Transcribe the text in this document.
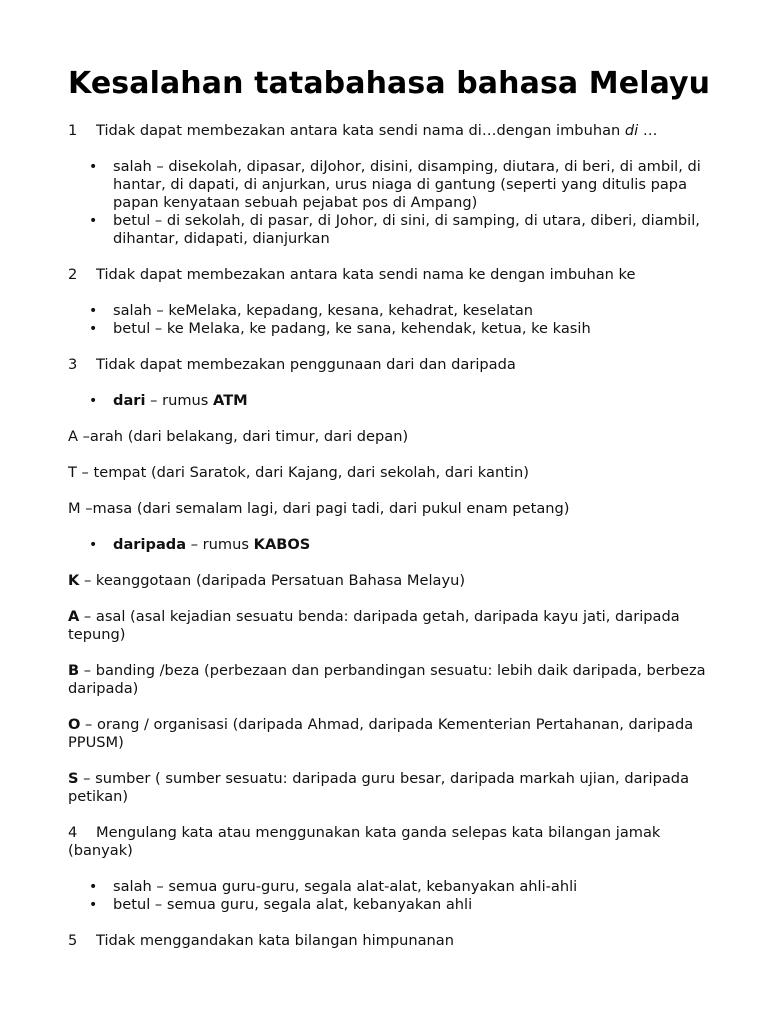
Kesalahan tatabahasa bahasa Melayu

1 Tidak dapat membezakan antara kata sendi nama di…dengan imbuhan di …

• salah – disekolah, dipasar, diJohor, disini, disamping, diutara, di beri, di ambil, di hantar, di dapati, di anjurkan, urus niaga di gantung (seperti yang ditulis papa papan kenyataan sebuah pejabat pos di Ampang)
• betul – di sekolah, di pasar, di Johor, di sini, di samping, di utara, diberi, diambil, dihantar, didapati, dianjurkan

2 Tidak dapat membezakan antara kata sendi nama ke dengan imbuhan ke

• salah – keMelaka, kepadang, kesana, kehadrat, keselatan
• betul – ke Melaka, ke padang, ke sana, kehendak, ketua, ke kasih

3 Tidak dapat membezakan penggunaan dari dan daripada

• dari – rumus ATM

A –arah (dari belakang, dari timur, dari depan)

T – tempat (dari Saratok, dari Kajang, dari sekolah, dari kantin)

M –masa (dari semalam lagi, dari pagi tadi, dari pukul enam petang)

• daripada – rumus KABOS

K – keanggotaan (daripada Persatuan Bahasa Melayu)

A – asal (asal kejadian sesuatu benda: daripada getah, daripada kayu jati, daripada tepung)

B – banding /beza (perbezaan dan perbandingan sesuatu: lebih daik daripada, berbeza daripada)

O – orang / organisasi (daripada Ahmad, daripada Kementerian Pertahanan, daripada PPUSM)

S – sumber ( sumber sesuatu: daripada guru besar, daripada markah ujian, daripada petikan)

4 Mengulang kata atau menggunakan kata ganda selepas kata bilangan jamak (banyak)

• salah – semua guru-guru, segala alat-alat, kebanyakan ahli-ahli
• betul – semua guru, segala alat, kebanyakan ahli

5 Tidak menggandakan kata bilangan himpunanan
